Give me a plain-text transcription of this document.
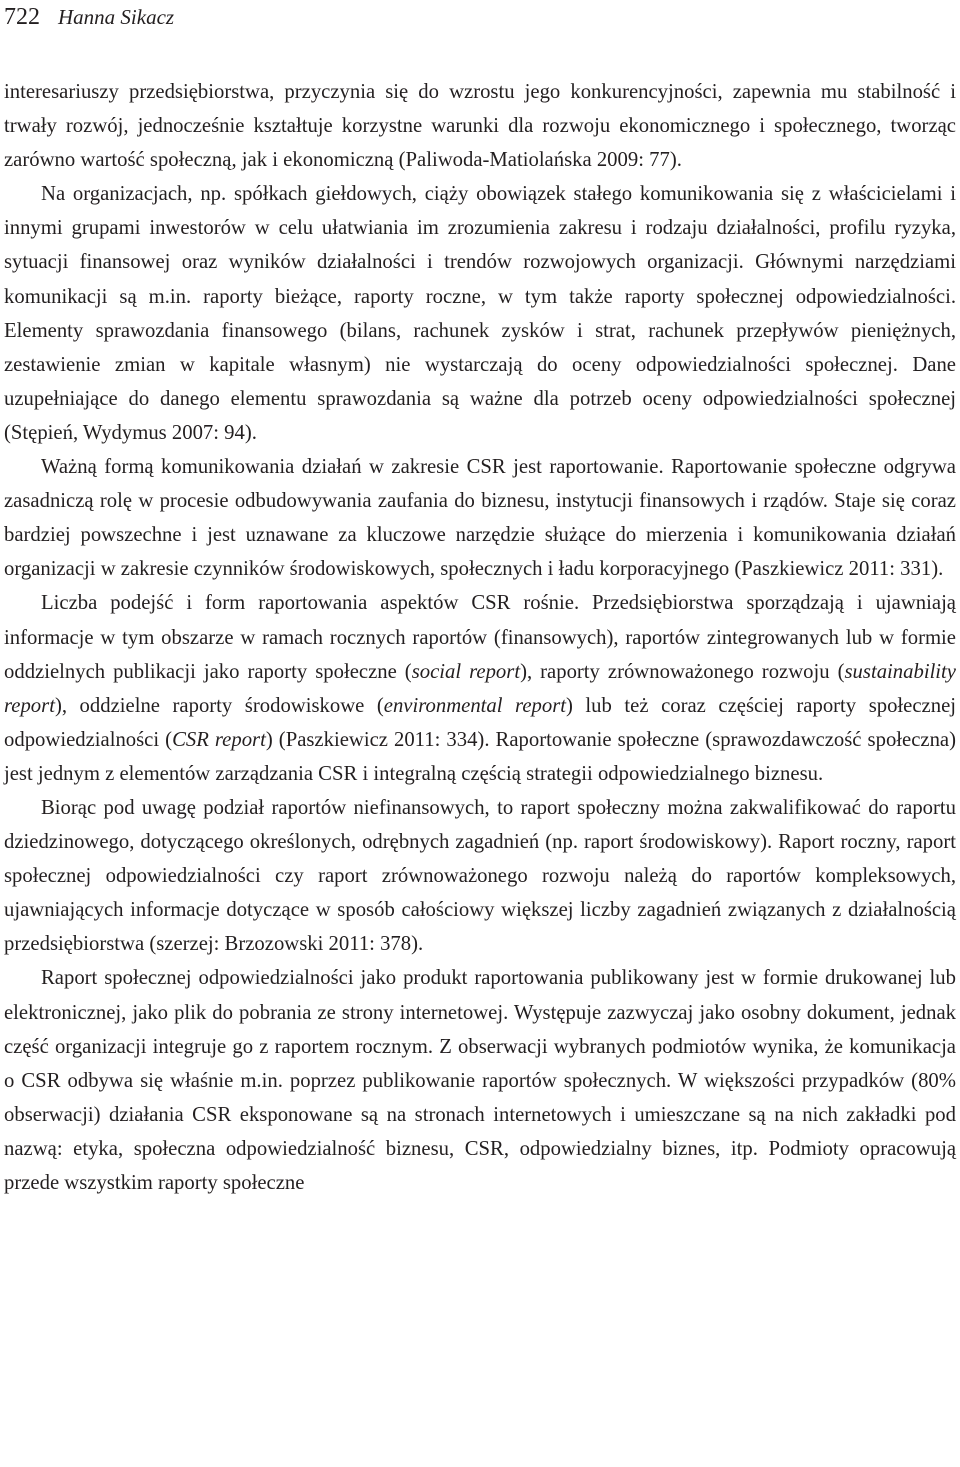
722 Hanna Sikacz

interesariuszy przedsiębiorstwa, przyczynia się do wzrostu jego konkurencyjności, zapewnia mu stabilność i trwały rozwój, jednocześnie kształtuje korzystne warunki dla rozwoju ekonomicznego i społecznego, tworząc zarówno wartość społeczną, jak i ekonomiczną (Paliwoda-Matiolańska 2009: 77).

Na organizacjach, np. spółkach giełdowych, ciąży obowiązek stałego komunikowania się z właścicielami i innymi grupami inwestorów w celu ułatwiania im zrozumienia zakresu i rodzaju działalności, profilu ryzyka, sytuacji finansowej oraz wyników działalności i trendów rozwojowych organizacji. Głównymi narzędziami komunikacji są m.in. raporty bieżące, raporty roczne, w tym także raporty społecznej odpowiedzialności. Elementy sprawozdania finansowego (bilans, rachunek zysków i strat, rachunek przepływów pieniężnych, zestawienie zmian w kapitale własnym) nie wystarczają do oceny odpowiedzialności społecznej. Dane uzupełniające do danego elementu sprawozdania są ważne dla potrzeb oceny odpowiedzialności społecznej (Stępień, Wydymus 2007: 94).

Ważną formą komunikowania działań w zakresie CSR jest raportowanie. Raportowanie społeczne odgrywa zasadniczą rolę w procesie odbudowywania zaufania do biznesu, instytucji finansowych i rządów. Staje się coraz bardziej powszechne i jest uznawane za kluczowe narzędzie służące do mierzenia i komunikowania działań organizacji w zakresie czynników środowiskowych, społecznych i ładu korporacyjnego (Paszkiewicz 2011: 331).

Liczba podejść i form raportowania aspektów CSR rośnie. Przedsiębiorstwa sporządzają i ujawniają informacje w tym obszarze w ramach rocznych raportów (finansowych), raportów zintegrowanych lub w formie oddzielnych publikacji jako raporty społeczne (social report), raporty zrównoważonego rozwoju (sustainability report), oddzielne raporty środowiskowe (environmental report) lub też coraz częściej raporty społecznej odpowiedzialności (CSR report) (Paszkiewicz 2011: 334). Raportowanie społeczne (sprawozdawczość społeczna) jest jednym z elementów zarządzania CSR i integralną częścią strategii odpowiedzialnego biznesu.

Biorąc pod uwagę podział raportów niefinansowych, to raport społeczny można zakwalifikować do raportu dziedzinowego, dotyczącego określonych, odrębnych zagadnień (np. raport środowiskowy). Raport roczny, raport społecznej odpowiedzialności czy raport zrównoważonego rozwoju należą do raportów kompleksowych, ujawniających informacje dotyczące w sposób całościowy większej liczby zagadnień związanych z działalnością przedsiębiorstwa (szerzej: Brzozowski 2011: 378).

Raport społecznej odpowiedzialności jako produkt raportowania publikowany jest w formie drukowanej lub elektronicznej, jako plik do pobrania ze strony internetowej. Występuje zazwyczaj jako osobny dokument, jednak część organizacji integruje go z raportem rocznym. Z obserwacji wybranych podmiotów wynika, że komunikacja o CSR odbywa się właśnie m.in. poprzez publikowanie raportów społecznych. W większości przypadków (80% obserwacji) działania CSR eksponowane są na stronach internetowych i umieszczane są na nich zakładki pod nazwą: etyka, społeczna odpowiedzialność biznesu, CSR, odpowiedzialny biznes, itp. Podmioty opracowują przede wszystkim raporty społeczne
